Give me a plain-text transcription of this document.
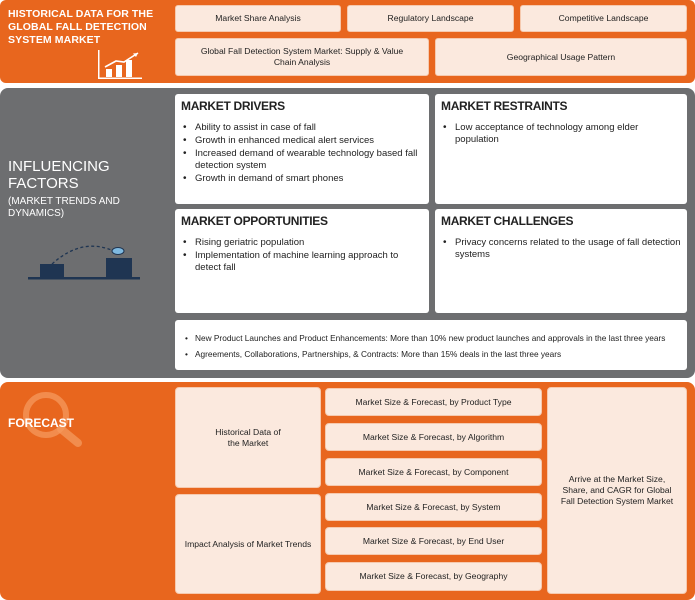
HISTORICAL DATA FOR THE GLOBAL FALL DETECTION SYSTEM MARKET
Market Share Analysis	Regulatory Landscape	Competitive Landscape
Global Fall Detection System Market: Supply & Value Chain Analysis
Geographical Usage Pattern
INFLUENCING FACTORS
(MARKET TRENDS AND DYNAMICS)
MARKET DRIVERS
• Ability to assist in case of fall
• Growth in enhanced medical alert services
• Increased demand of wearable technology based fall detection system
• Growth in demand of smart phones
MARKET RESTRAINTS
• Low acceptance of technology among elder population
MARKET OPPORTUNITIES
• Rising geriatric population
• Implementation of machine learning approach to detect fall
MARKET CHALLENGES
• Privacy concerns related to the usage of fall detection systems
• New Product Launches and Product Enhancements: More than 10% new product launches and approvals in the last three years
• Agreements, Collaborations, Partnerships, & Contracts: More than 15% deals in the last three years
FORECAST
Historical Data of the Market
Impact Analysis of Market Trends
Market Size & Forecast, by Product Type
Market Size & Forecast, by Algorithm
Market Size & Forecast, by Component
Market Size & Forecast, by System
Market Size & Forecast, by End User
Market Size & Forecast, by Geography
Arrive at the Market Size, Share, and CAGR for Global Fall Detection System Market
